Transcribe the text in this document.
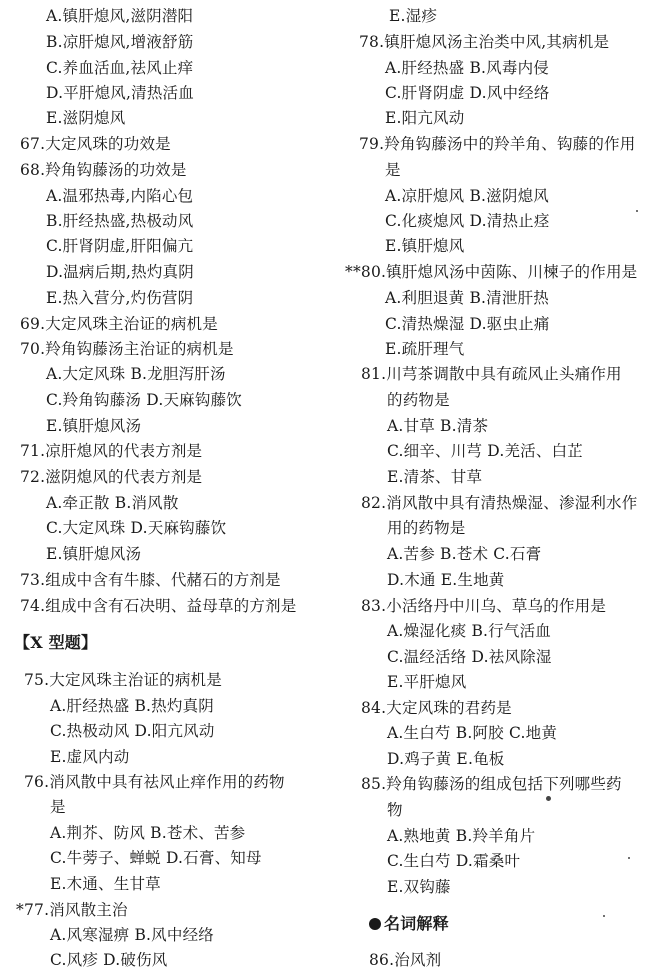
A.镇肝熄风,滋阴潜阳
B.凉肝熄风,增液舒筋
C.养血活血,祛风止痒
D.平肝熄风,清热活血
E.滋阴熄风
67.大定风珠的功效是
68.羚角钩藤汤的功效是
A.温邪热毒,内陷心包
B.肝经热盛,热极动风
C.肝肾阴虚,肝阳偏亢
D.温病后期,热灼真阴
E.热入营分,灼伤营阴
69.大定风珠主治证的病机是
70.羚角钩藤汤主治证的病机是
A.大定风珠 B.龙胆泻肝汤
C.羚角钩藤汤 D.天麻钩藤饮
E.镇肝熄风汤
71.凉肝熄风的代表方剂是
72.滋阴熄风的代表方剂是
A.牵正散 B.消风散
C.大定风珠 D.天麻钩藤饮
E.镇肝熄风汤
73.组成中含有牛膝、代赭石的方剂是
74.组成中含有石决明、益母草的方剂是
【X 型题】
75.大定风珠主治证的病机是
A.肝经热盛 B.热灼真阴
C.热极动风 D.阳亢风动
E.虚风内动
76.消风散中具有祛风止痒作用的药物
是
A.荆芥、防风 B.苍术、苦参
C.牛蒡子、蝉蜕 D.石膏、知母
E.木通、生甘草
*77.消风散主治
A.风寒湿痹 B.风中经络
C.风疹 D.破伤风
E.湿疹
78.镇肝熄风汤主治类中风,其病机是
A.肝经热盛 B.风毒内侵
C.肝肾阴虚 D.风中经络
E.阳亢风动
79.羚角钩藤汤中的羚羊角、钩藤的作用
是
A.凉肝熄风 B.滋阴熄风
C.化痰熄风 D.清热止痉
E.镇肝熄风
**80.镇肝熄风汤中茵陈、川楝子的作用是
A.利胆退黄 B.清泄肝热
C.清热燥湿 D.驱虫止痛
E.疏肝理气
81.川芎茶调散中具有疏风止头痛作用
的药物是
A.甘草 B.清茶
C.细辛、川芎 D.羌活、白芷
E.清茶、甘草
82.消风散中具有清热燥湿、渗湿利水作
用的药物是
A.苦参 B.苍术 C.石膏
D.木通 E.生地黄
83.小活络丹中川乌、草乌的作用是
A.燥湿化痰 B.行气活血
C.温经活络 D.祛风除湿
E.平肝熄风
84.大定风珠的君药是
A.生白芍 B.阿胶 C.地黄
D.鸡子黄 E.龟板
85.羚角钩藤汤的组成包括下列哪些药
物
A.熟地黄 B.羚羊角片
C.生白芍 D.霜桑叶
E.双钩藤
名词解释
86.治风剂
